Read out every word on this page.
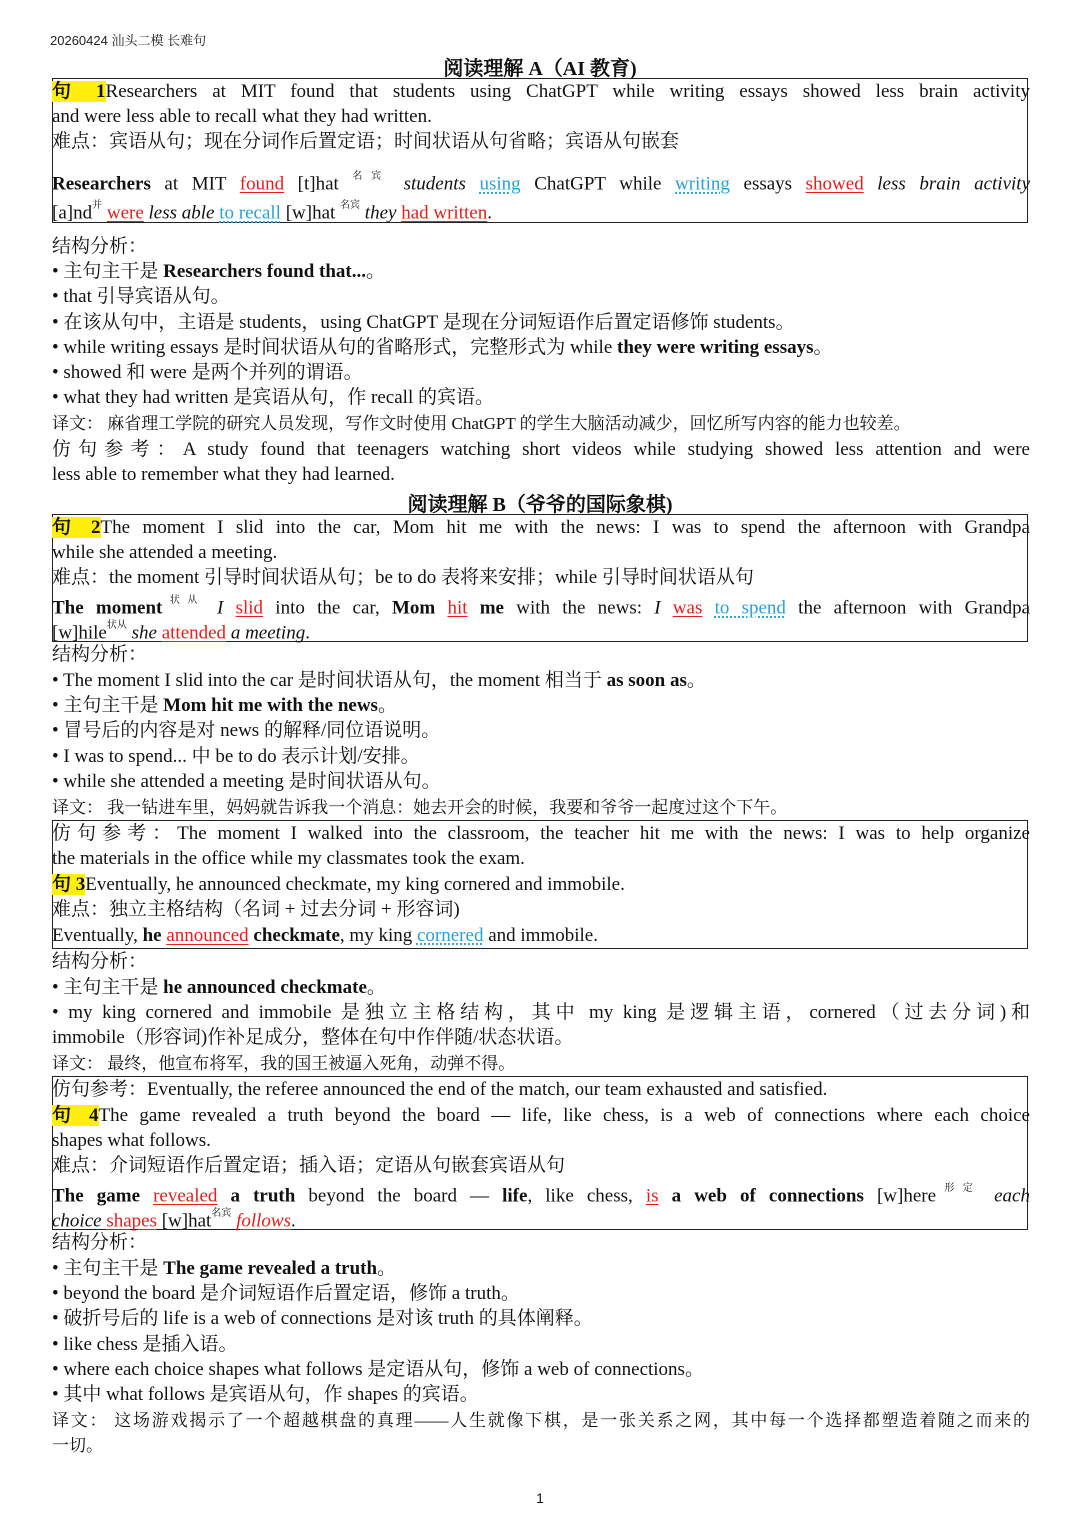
20260424 汕头二模 长难句
阅读理解 A（AI 教育)
句 1Researchers at MIT found that students using ChatGPT while writing essays showed less brain activity
and were less able to recall what they had written.
难点：宾语从句；现在分词作后置定语；时间状语从句省略；宾语从句嵌套
Researchers at MIT found [t]hat $^{名宾}$ students using ChatGPT while writing essays showed less brain activity
$[a]nd^并$ were less able to recall [w]hat $^{名宾}$ they had written.
结构分析：
• 主句主干是 Researchers found that...。
• that 引导宾语从句。
• 在该从句中，主语是 students，using ChatGPT 是现在分词短语作后置定语修饰 students。
• while writing essays 是时间状语从句的省略形式，完整形式为 while they were writing essays。
• showed 和 were 是两个并列的谓语。
• what they had written 是宾语从句，作 recall 的宾语。
译文： 麻省理工学院的研究人员发现，写作文时使用 ChatGPT 的学生大脑活动减少，回忆所写内容的能力也较差。
仿句参考：A study found that teenagers watching short videos while studying showed less attention and were
less able to remember what they had learned.
阅读理解 B（爷爷的国际象棋)
句 2The moment I slid into the car, Mom hit me with the news: I was to spend the afternoon with Grandpa
while she attended a meeting.
难点：the moment 引导时间状语从句；be to do 表将来安排；while 引导时间状语从句
The moment$^{状从}$ I slid into the car, Mom hit me with the news: I was to spend the afternoon with Grandpa
[w]hile$^{状从}$ she attended a meeting.
结构分析：
• The moment I slid into the car 是时间状语从句，the moment 相当于 as soon as。
• 主句主干是 Mom hit me with the news。
• 冒号后的内容是对 news 的解释/同位语说明。
• I was to spend... 中 be to do 表示计划/安排。
• while she attended a meeting 是时间状语从句。
译文： 我一钻进车里，妈妈就告诉我一个消息：她去开会的时候，我要和爷爷一起度过这个下午。
仿句参考：The moment I walked into the classroom, the teacher hit me with the news: I was to help organize
the materials in the office while my classmates took the exam.
句 3Eventually, he announced checkmate, my king cornered and immobile.
难点：独立主格结构（名词 + 过去分词 + 形容词)
Eventually, he announced checkmate, my king cornered and immobile.
结构分析：
• 主句主干是 he announced checkmate。
• my king cornered and immobile 是独立主格结构，其中 my king 是逻辑主语，cornered（过去分词)和
immobile（形容词)作补足成分，整体在句中作伴随/状态状语。
译文： 最终，他宣布将军，我的国王被逼入死角，动弹不得。
仿句参考：Eventually, the referee announced the end of the match, our team exhausted and satisfied.
句 4The game revealed a truth beyond the board — life, like chess, is a web of connections where each choice
shapes what follows.
难点：介词短语作后置定语；插入语；定语从句嵌套宾语从句
The game revealed a truth beyond the board — life, like chess, is a web of connections [w]here$^{形定}$ each
choice shapes [w]hat$^{名宾}$ follows.
结构分析：
• 主句主干是 The game revealed a truth。
• beyond the board 是介词短语作后置定语，修饰 a truth。
• 破折号后的 life is a web of connections 是对该 truth 的具体阐释。
• like chess 是插入语。
• where each choice shapes what follows 是定语从句，修饰 a web of connections。
• 其中 what follows 是宾语从句，作 shapes 的宾语。
译文： 这场游戏揭示了一个超越棋盘的真理——人生就像下棋，是一张关系之网，其中每一个选择都塑造着随之而来的
一切。
1
